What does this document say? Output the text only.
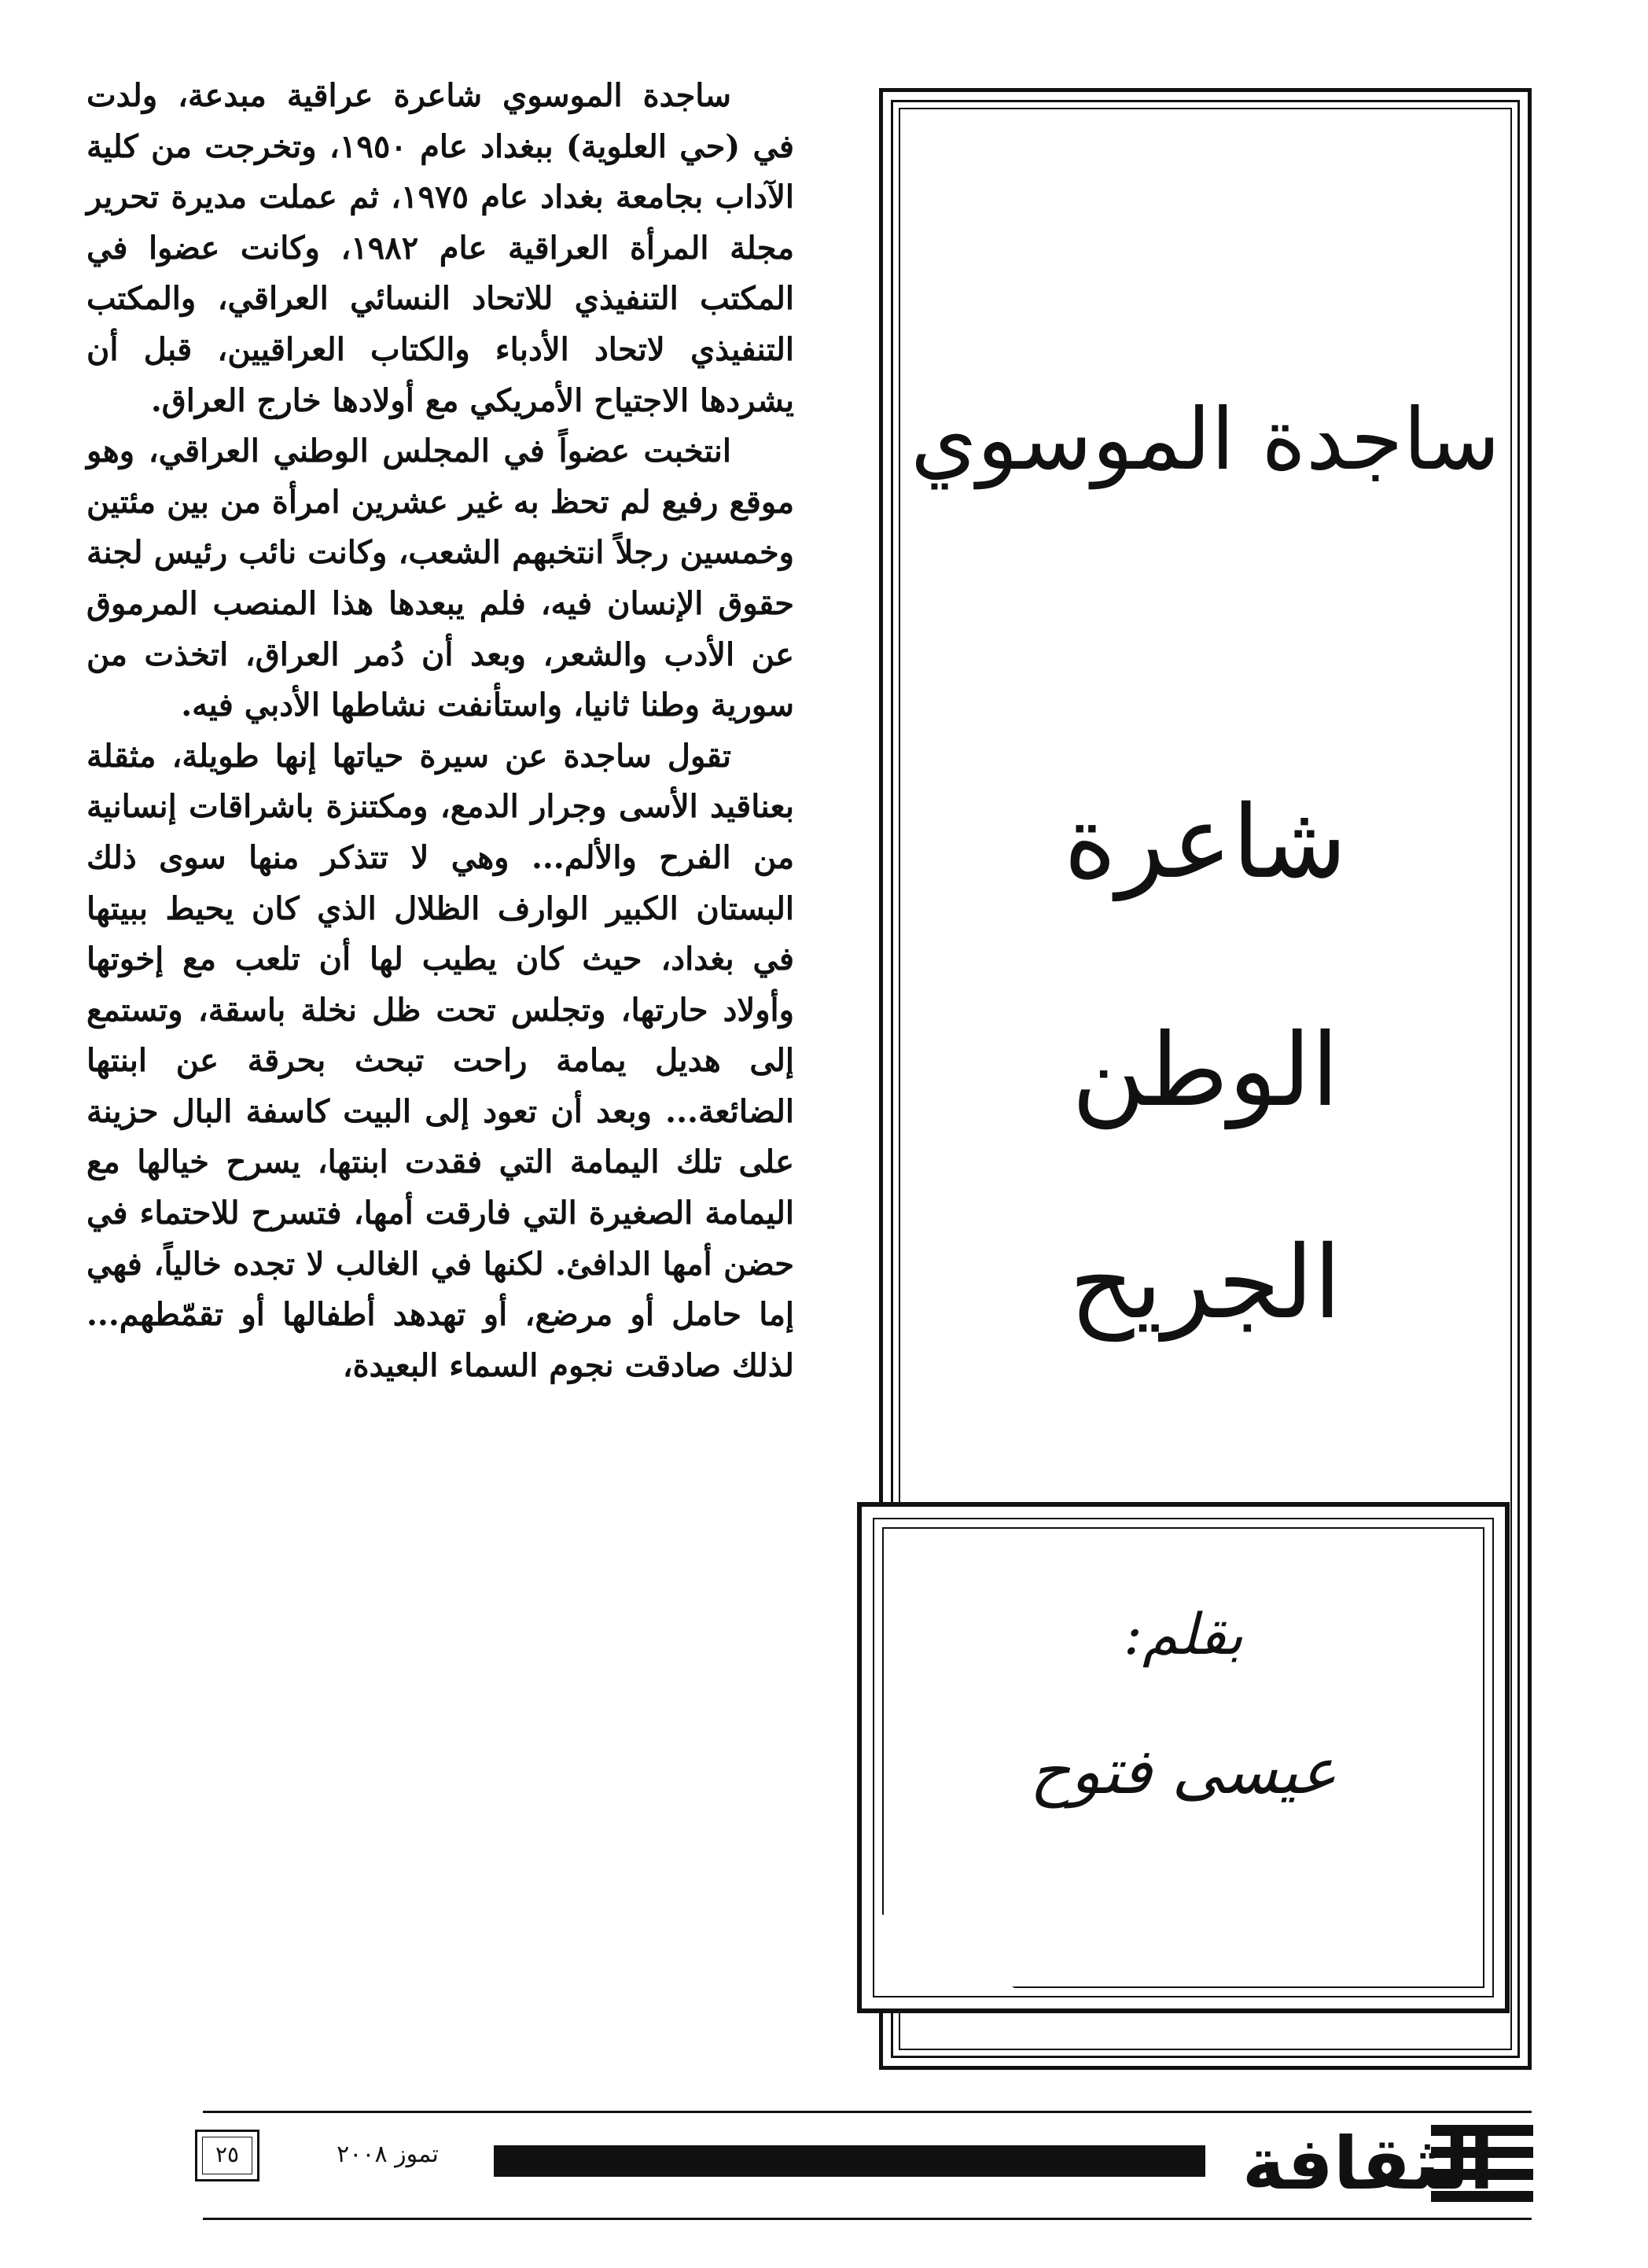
ساجدة الموسوي
شاعرة
الوطن
الجريح
بقلم:
عيسى فتوح

ساجدة الموسوي شاعرة عراقية مبدعة، ولدت في (حي العلوية) ببغداد عام ١٩٥٠، وتخرجت من كلية الآداب بجامعة بغداد عام ١٩٧٥، ثم عملت مديرة تحرير مجلة المرأة العراقية عام ١٩٨٢، وكانت عضوا في المكتب التنفيذي للاتحاد النسائي العراقي، والمكتب التنفيذي لاتحاد الأدباء والكتاب العراقيين، قبل أن يشردها الاجتياح الأمريكي مع أولادها خارج العراق.

انتخبت عضواً في المجلس الوطني العراقي، وهو موقع رفيع لم تحظ به غير عشرين امرأة من بين مئتين وخمسين رجلاً انتخبهم الشعب، وكانت نائب رئيس لجنة حقوق الإنسان فيه، فلم يبعدها هذا المنصب المرموق عن الأدب والشعر، وبعد أن دُمر العراق، اتخذت من سورية وطنا ثانيا، واستأنفت نشاطها الأدبي فيه.

تقول ساجدة عن سيرة حياتها إنها طويلة، مثقلة بعناقيد الأسى وجرار الدمع، ومكتنزة باشراقات إنسانية من الفرح والألم... وهي لا تتذكر منها سوى ذلك البستان الكبير الوارف الظلال الذي كان يحيط ببيتها في بغداد، حيث كان يطيب لها أن تلعب مع إخوتها وأولاد حارتها، وتجلس تحت ظل نخلة باسقة، وتستمع إلى هديل يمامة راحت تبحث بحرقة عن ابنتها الضائعة... وبعد أن تعود إلى البيت كاسفة البال حزينة على تلك اليمامة التي فقدت ابنتها، يسرح خيالها مع اليمامة الصغيرة التي فارقت أمها، فتسرح للاحتماء في حضن أمها الدافئ. لكنها في الغالب لا تجده خالياً، فهي إما حامل أو مرضع، أو تهدهد أطفالها أو تقمّطهم... لذلك صادقت نجوم السماء البعيدة،

الثقافة
تموز ٢٠٠٨
٢٥
